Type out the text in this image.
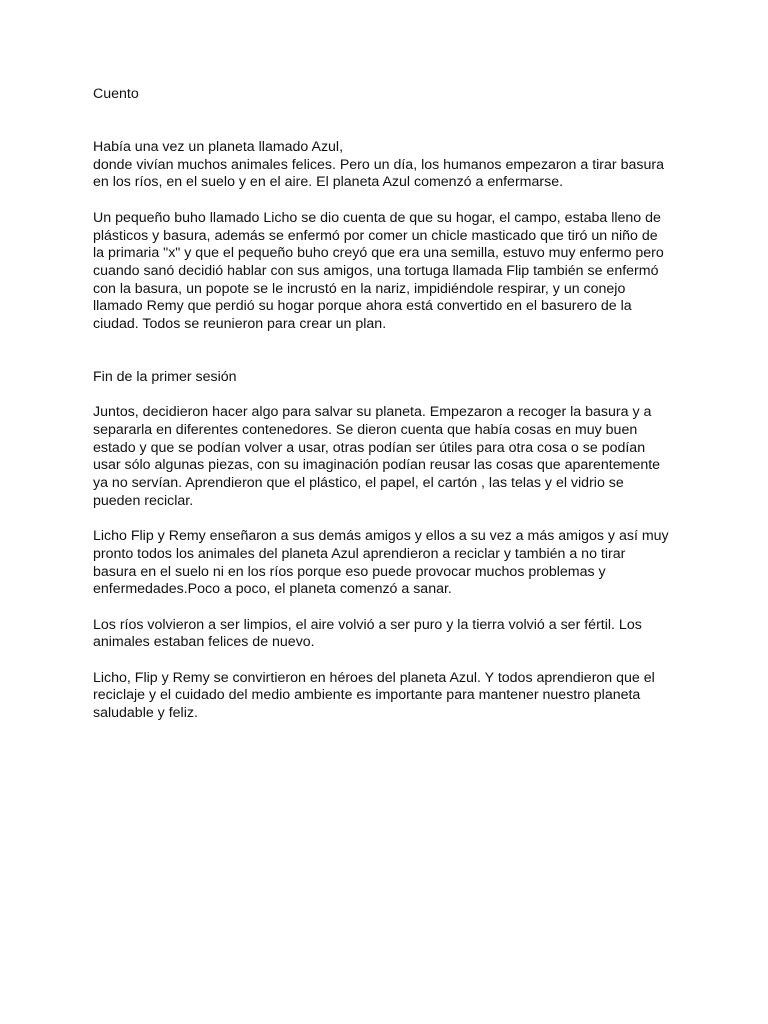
Cuento
Había una vez un planeta llamado Azul,
donde vivían muchos animales felices. Pero un día, los humanos empezaron a tirar basura
en los ríos, en el suelo y en el aire. El planeta Azul comenzó a enfermarse.
Un pequeño buho llamado Licho se dio cuenta de que su hogar, el campo, estaba lleno de
plásticos y basura, además se enfermó por comer un chicle masticado que tiró un niño de
la primaria "x" y que el pequeño buho creyó que era una semilla, estuvo muy enfermo pero
cuando sanó decidió hablar con sus amigos, una tortuga llamada Flip también se enfermó
con la basura, un popote se le incrustó en la nariz, impidiéndole respirar, y un conejo
llamado Remy que perdió su hogar porque ahora está convertido en el basurero de la
ciudad. Todos se reunieron para crear un plan.
Fin de la primer sesión
Juntos, decidieron hacer algo para salvar su planeta. Empezaron a recoger la basura y a
separarla en diferentes contenedores. Se dieron cuenta que había cosas en muy buen
estado y que se podían volver a usar, otras podían ser útiles para otra cosa o se podían
usar sólo algunas piezas, con su imaginación podían reusar las cosas que aparentemente
ya no servían. Aprendieron que el plástico, el papel, el cartón , las telas y el vidrio se
pueden reciclar.
Licho Flip y Remy enseñaron a sus demás amigos y ellos a su vez a más amigos y así muy
pronto todos los animales del planeta Azul aprendieron a reciclar y también a no tirar
basura en el suelo ni en los ríos porque eso puede provocar muchos problemas y
enfermedades.Poco a poco, el planeta comenzó a sanar.
Los ríos volvieron a ser limpios, el aire volvió a ser puro y la tierra volvió a ser fértil. Los
animales estaban felices de nuevo.
Licho, Flip y Remy se convirtieron en héroes del planeta Azul. Y todos aprendieron que el
reciclaje y el cuidado del medio ambiente es importante para mantener nuestro planeta
saludable y feliz.
